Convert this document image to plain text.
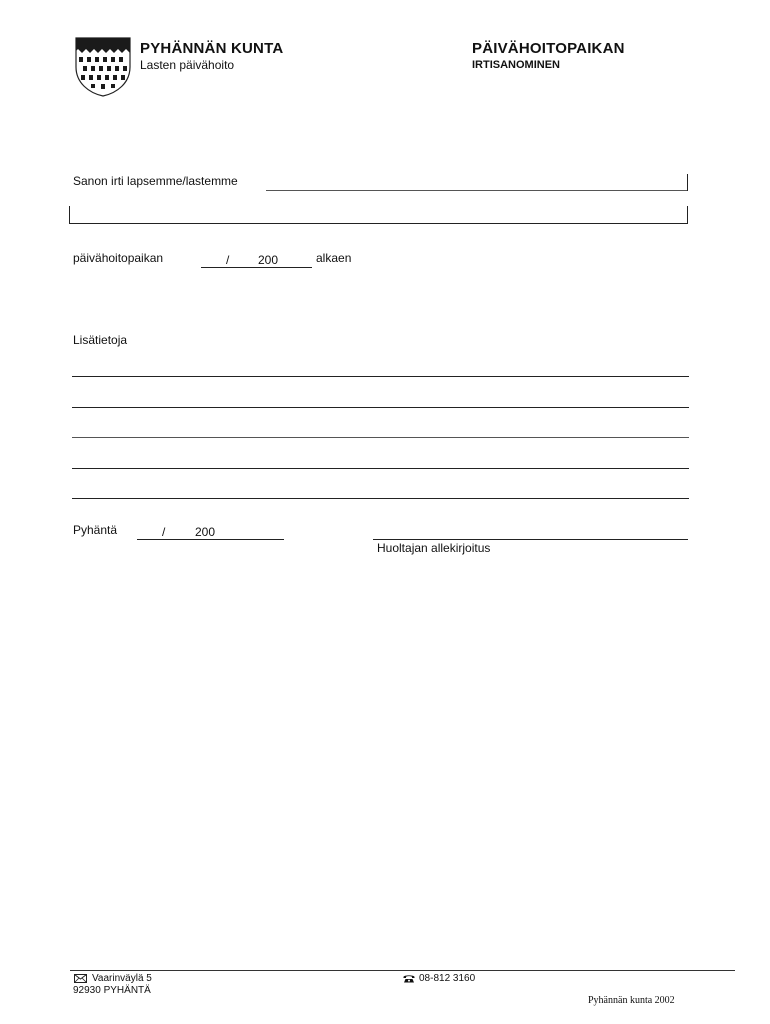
PYHÄNNÄN KUNTA
Lasten päivähoito
PÄIVÄHOITOPAIKAN
IRTISANOMINEN
Sanon irti lapsemme/lastemme
päivähoitopaikan	/ 200	alkaen
Lisätietoja
Pyhäntä	/ 200
Huoltajan allekirjoitus
Vaarinväylä 5
92930 PYHÄNTÄ
08-812 3160
Pyhännän kunta 2002
